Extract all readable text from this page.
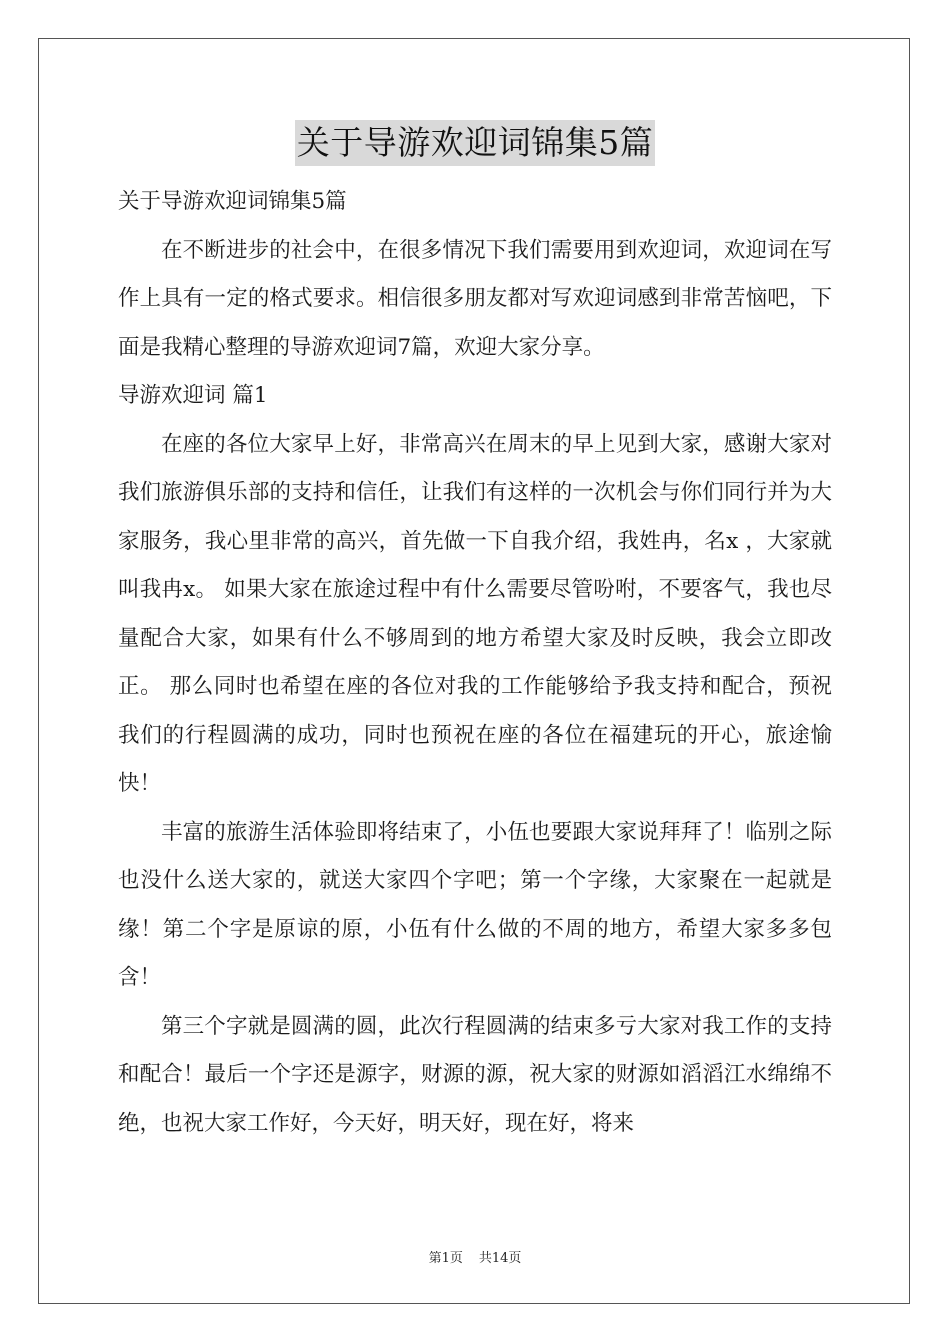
关于导游欢迎词锦集5篇

关于导游欢迎词锦集5篇

在不断进步的社会中，在很多情况下我们需要用到欢迎词，欢迎词在写作上具有一定的格式要求。相信很多朋友都对写欢迎词感到非常苦恼吧，下面是我精心整理的导游欢迎词7篇，欢迎大家分享。

导游欢迎词 篇1

在座的各位大家早上好，非常高兴在周末的早上见到大家，感谢大家对我们旅游俱乐部的支持和信任，让我们有这样的一次机会与你们同行并为大家服务，我心里非常的高兴，首先做一下自我介绍，我姓冉，名x ，大家就叫我冉x。 如果大家在旅途过程中有什么需要尽管吩咐，不要客气，我也尽量配合大家，如果有什么不够周到的地方希望大家及时反映，我会立即改正。 那么同时也希望在座的各位对我的工作能够给予我支持和配合，预祝我们的行程圆满的成功，同时也预祝在座的各位在福建玩的开心，旅途愉快！

丰富的旅游生活体验即将结束了，小伍也要跟大家说拜拜了！临别之际也没什么送大家的，就送大家四个字吧；第一个字缘，大家聚在一起就是缘！第二个字是原谅的原，小伍有什么做的不周的地方，希望大家多多包含！

第三个字就是圆满的圆，此次行程圆满的结束多亏大家对我工作的支持和配合！最后一个字还是源字，财源的源，祝大家的财源如滔滔江水绵绵不绝，也祝大家工作好，今天好，明天好，现在好，将来

第1页 共14页
